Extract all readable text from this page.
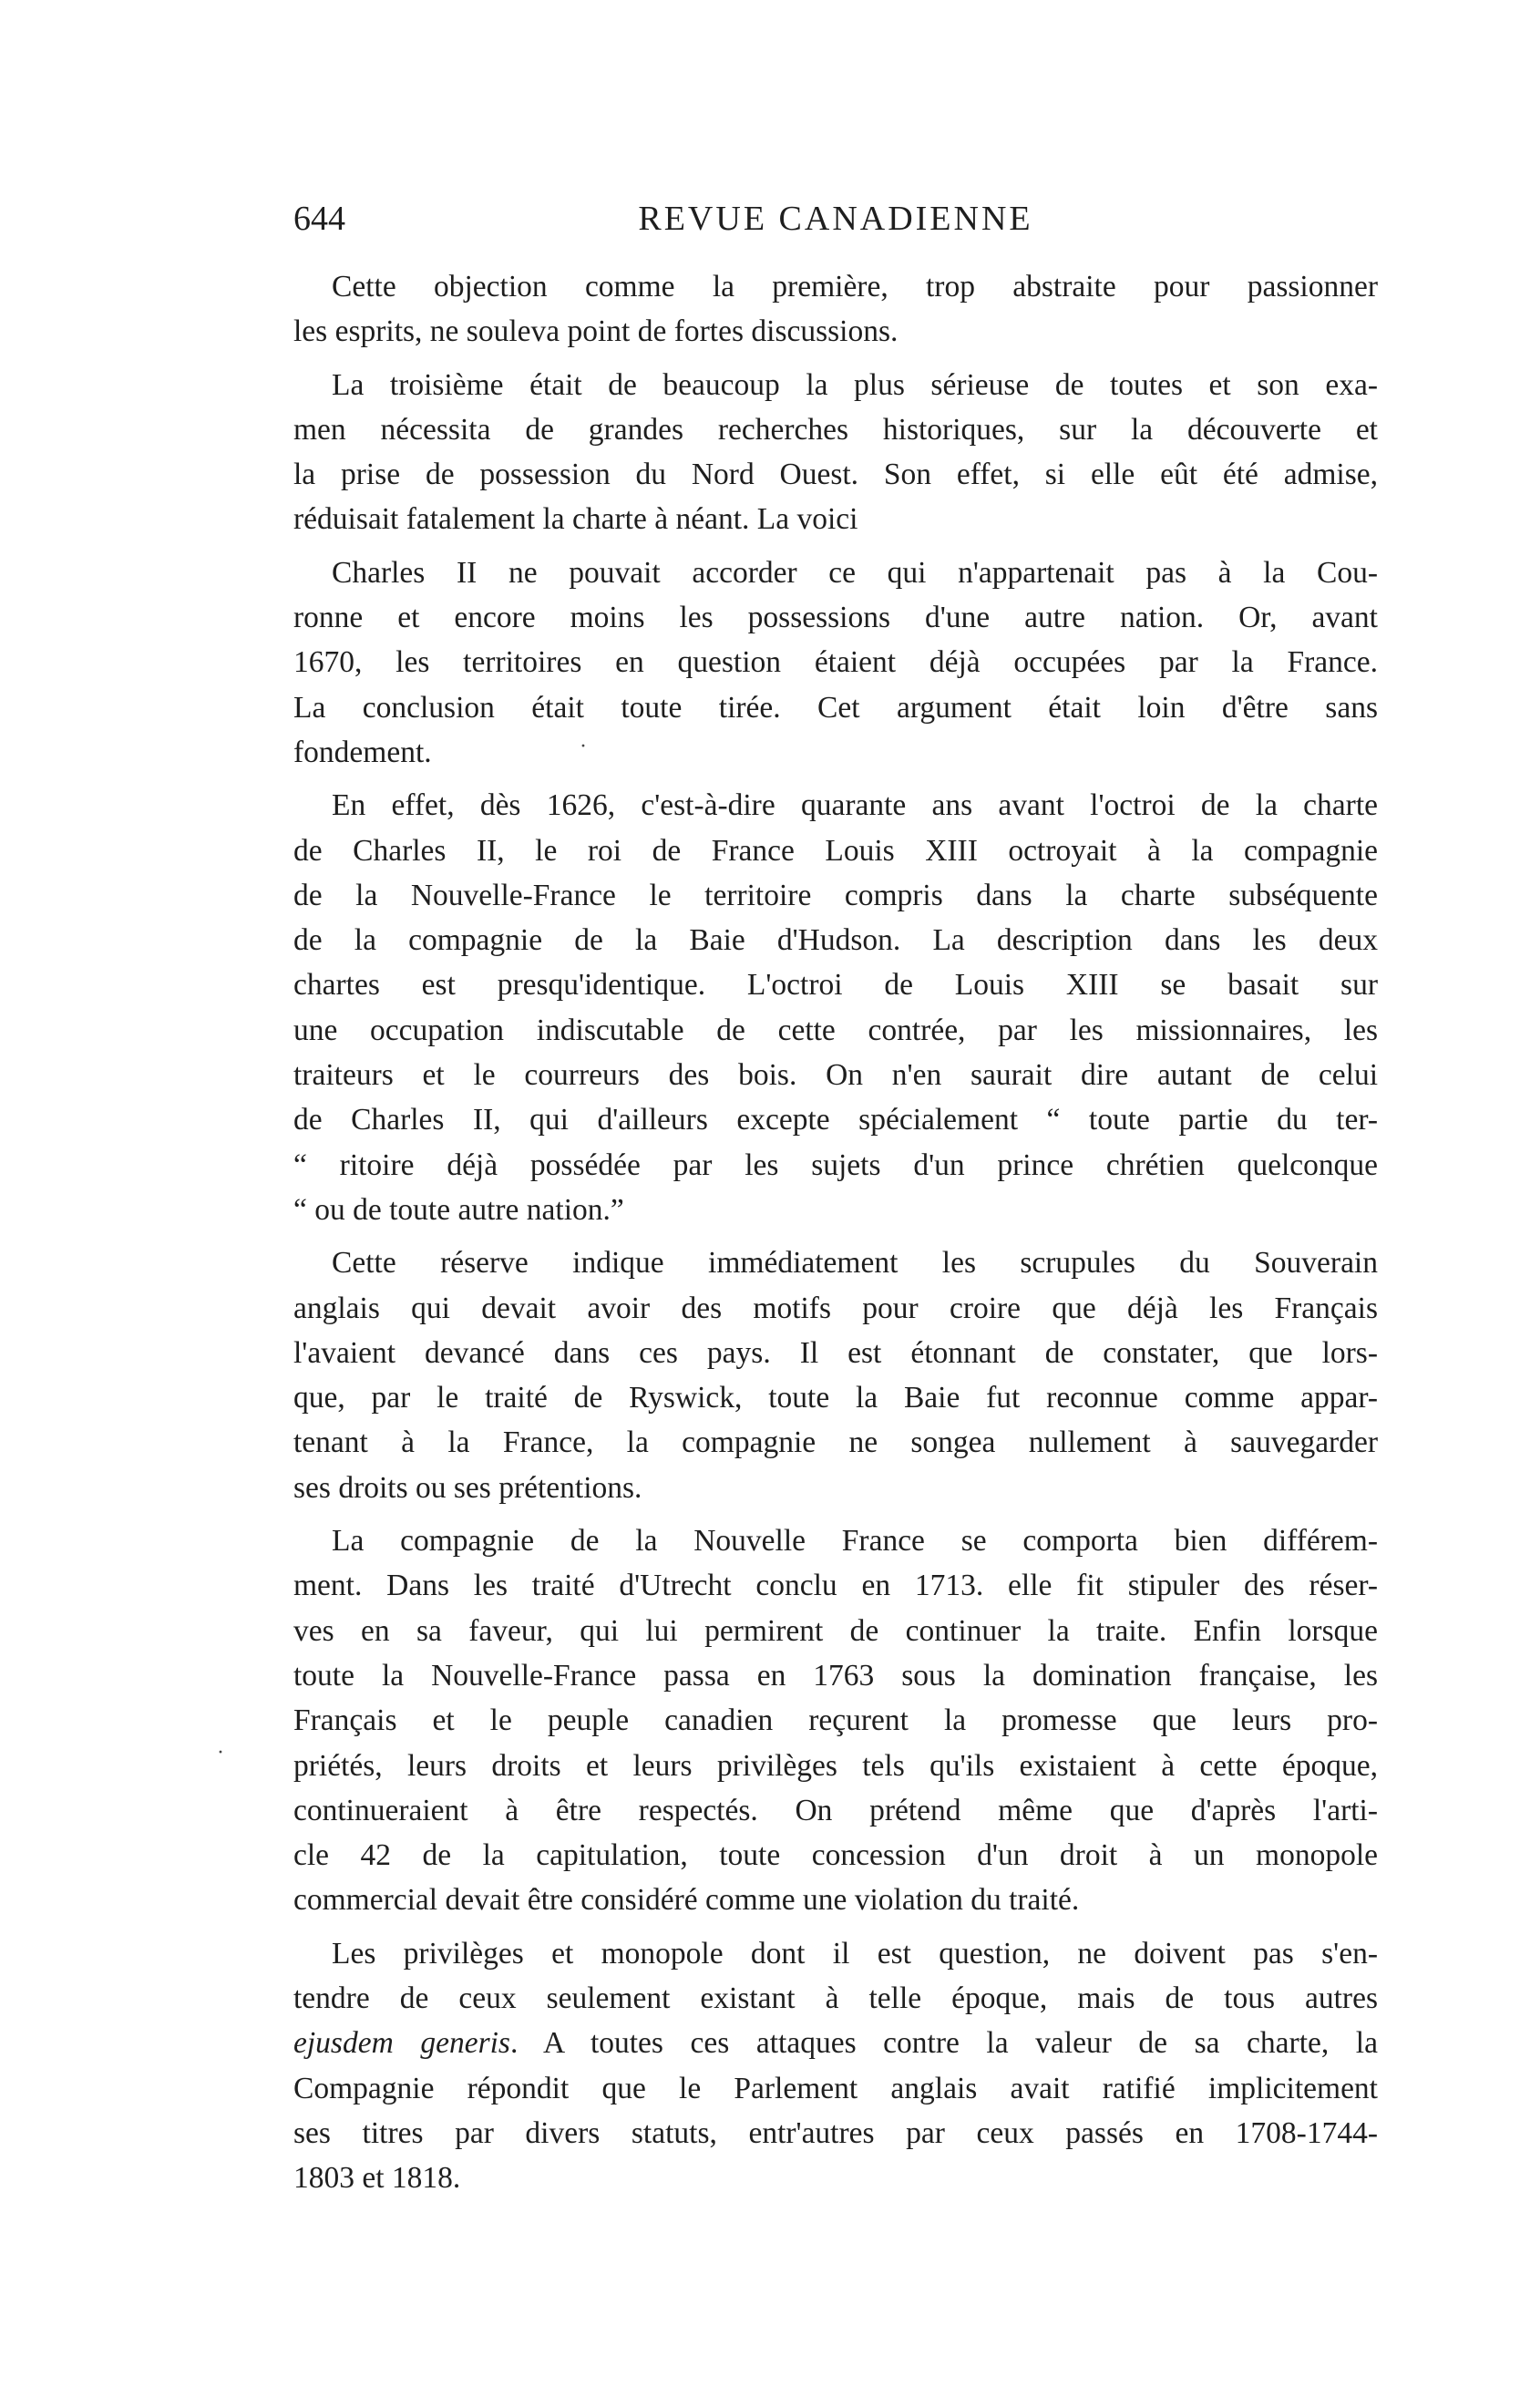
644	REVUE CANADIENNE

Cette objection comme la première, trop abstraite pour passionner
les esprits, ne souleva point de fortes discussions.

La troisième était de beaucoup la plus sérieuse de toutes et son exa-
men nécessita de grandes recherches historiques, sur la découverte et
la prise de possession du Nord Ouest. Son effet, si elle eût été admise,
réduisait fatalement la charte à néant. La voici

Charles II ne pouvait accorder ce qui n'appartenait pas à la Cou-
ronne et encore moins les possessions d'une autre nation. Or, avant
1670, les territoires en question étaient déjà occupées par la France.
La conclusion était toute tirée. Cet argument était loin d'être sans
fondement.

En effet, dès 1626, c'est-à-dire quarante ans avant l'octroi de la charte
de Charles II, le roi de France Louis XIII octroyait à la compagnie
de la Nouvelle-France le territoire compris dans la charte subséquente
de la compagnie de la Baie d'Hudson. La description dans les deux
chartes est presqu'identique. L'octroi de Louis XIII se basait sur
une occupation indiscutable de cette contrée, par les missionnaires, les
traiteurs et le courreurs des bois. On n'en saurait dire autant de celui
de Charles II, qui d'ailleurs excepte spécialement “ toute partie du ter-
“ ritoire déjà possédée par les sujets d'un prince chrétien quelconque
“ ou de toute autre nation.”

Cette réserve indique immédiatement les scrupules du Souverain
anglais qui devait avoir des motifs pour croire que déjà les Français
l'avaient devancé dans ces pays. Il est étonnant de constater, que lors-
que, par le traité de Ryswick, toute la Baie fut reconnue comme appar-
tenant à la France, la compagnie ne songea nullement à sauvegarder
ses droits ou ses prétentions.

La compagnie de la Nouvelle France se comporta bien différem-
ment. Dans les traité d'Utrecht conclu en 1713. elle fit stipuler des réser-
ves en sa faveur, qui lui permirent de continuer la traite. Enfin lorsque
toute la Nouvelle-France passa en 1763 sous la domination française, les
Français et le peuple canadien reçurent la promesse que leurs pro-
priétés, leurs droits et leurs privilèges tels qu'ils existaient à cette époque,
continueraient à être respectés. On prétend même que d'après l'arti-
cle 42 de la capitulation, toute concession d'un droit à un monopole
commercial devait être considéré comme une violation du traité.

Les privilèges et monopole dont il est question, ne doivent pas s'en-
tendre de ceux seulement existant à telle époque, mais de tous autres
ejusdem generis. A toutes ces attaques contre la valeur de sa charte, la
Compagnie répondit que le Parlement anglais avait ratifié implicitement
ses titres par divers statuts, entr'autres par ceux passés en 1708-1744-
1803 et 1818.

·
·
